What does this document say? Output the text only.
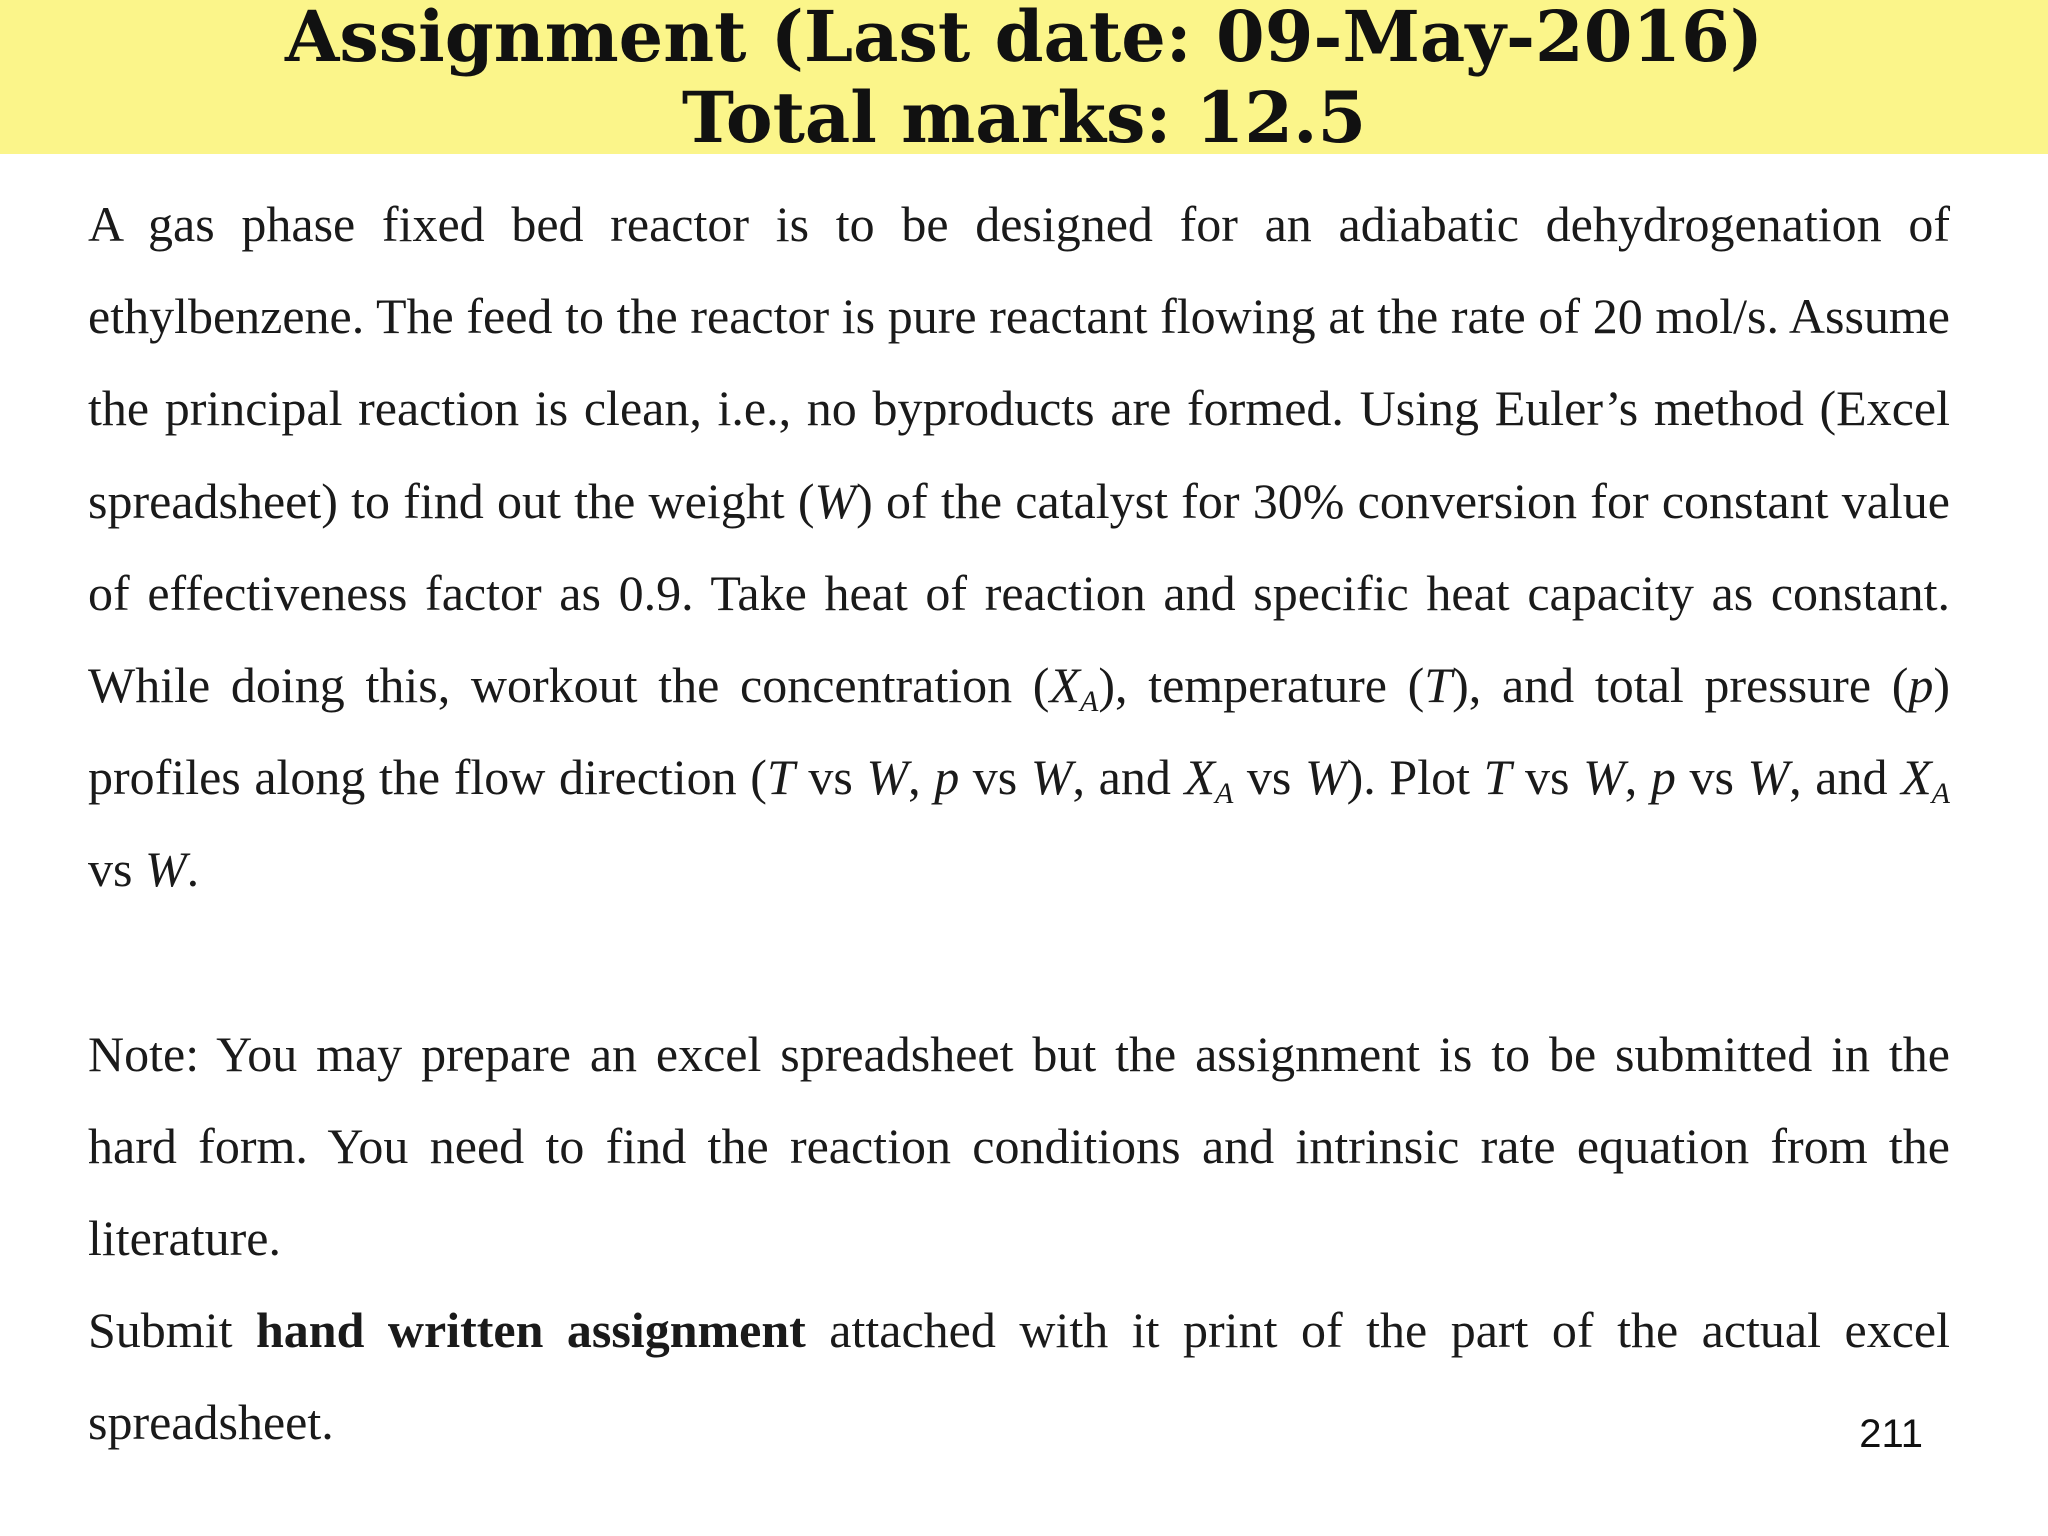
Assignment (Last date: 09-May-2016)
Total marks: 12.5

A gas phase fixed bed reactor is to be designed for an adiabatic dehydrogenation of ethylbenzene. The feed to the reactor is pure reactant flowing at the rate of 20 mol/s. Assume the principal reaction is clean, i.e., no byproducts are formed. Using Euler’s method (Excel spreadsheet) to find out the weight (W) of the catalyst for 30% conversion for constant value of effectiveness factor as 0.9. Take heat of reaction and specific heat capacity as constant. While doing this, workout the concentration $(X_A)$, temperature (T), and total pressure (p) profiles along the flow direction (T vs W, p vs W, and $X_A$ vs W). Plot T vs W, p vs W, and $X_A$ vs W.

Note: You may prepare an excel spreadsheet but the assignment is to be submitted in the hard form. You need to find the reaction conditions and intrinsic rate equation from the literature.

Submit hand written assignment attached with it print of the part of the actual excel spreadsheet.	211
